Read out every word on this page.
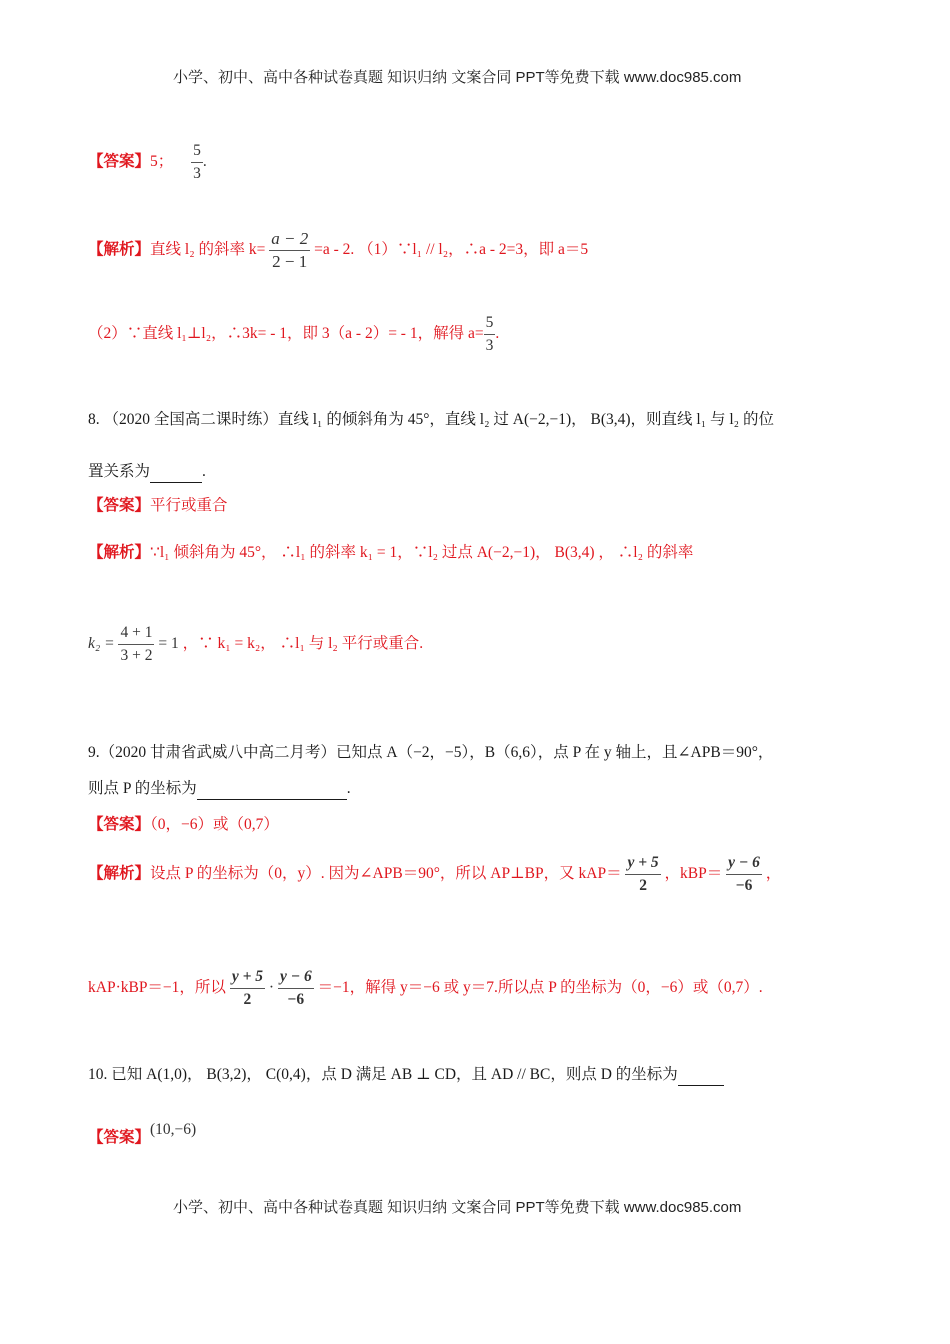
小学、初中、高中各种试卷真题 知识归纳 文案合同 PPT等免费下载 www.doc985.com
【答案】5； $\frac{5}{3}$ .
【解析】直线 l₂ 的斜率 $k= \frac{a - 2}{2 - 1} =a - 2$. （1）∵l₁ // l₂，∴a - 2=3，即 a＝5
（2）∵直线 l₁⊥l₂，∴3k= - 1，即 3（a - 2）= - 1，解得 $a= \frac{5}{3}$ .
8. （2020 全国高二课时练）直线 l₁ 的倾斜角为 45°，直线 l₂ 过 A(−2,−1)， B(3,4)，则直线 l₁ 与 l₂ 的位
置关系为	.
【答案】平行或重合
【解析】∵l₁ 倾斜角为 45°， ∴l₁ 的斜率 k₁ = 1，∵l₂ 过点 A(−2,−1)， B(3,4) ， ∴l₂ 的斜率
$k_2 = \frac{4 + 1}{3 + 2} = 1$ ，∵ k₁ = k₂， ∴l₁ 与 l₂ 平行或重合.
9.（2020 甘肃省武威八中高二月考）已知点 A（−2，−5），B（6,6），点 P 在 y 轴上，且∠APB＝90°，
则点 P 的坐标为	.
【答案】（0，−6）或（0,7）
【解析】设点 P 的坐标为（0，y）. 因为∠APB＝90°，所以 AP⊥BP，又 $kAP= \frac{y + 5}{2}$ ，$kBP= \frac{y - 6}{-6}$ ，
kAP·kBP＝−1，所以 $\frac{y + 5}{2} \cdot \frac{y - 6}{-6} =-1$，解得 y＝−6 或 y＝7.所以点 P 的坐标为（0，−6）或（0,7）.
10. 已知 A(1,0)， B(3,2)， C(0,4)，点 D 满足 AB ⊥ CD，且 AD // BC，则点 D 的坐标为
【答案】(10,−6)
小学、初中、高中各种试卷真题 知识归纳 文案合同 PPT等免费下载 www.doc985.com
